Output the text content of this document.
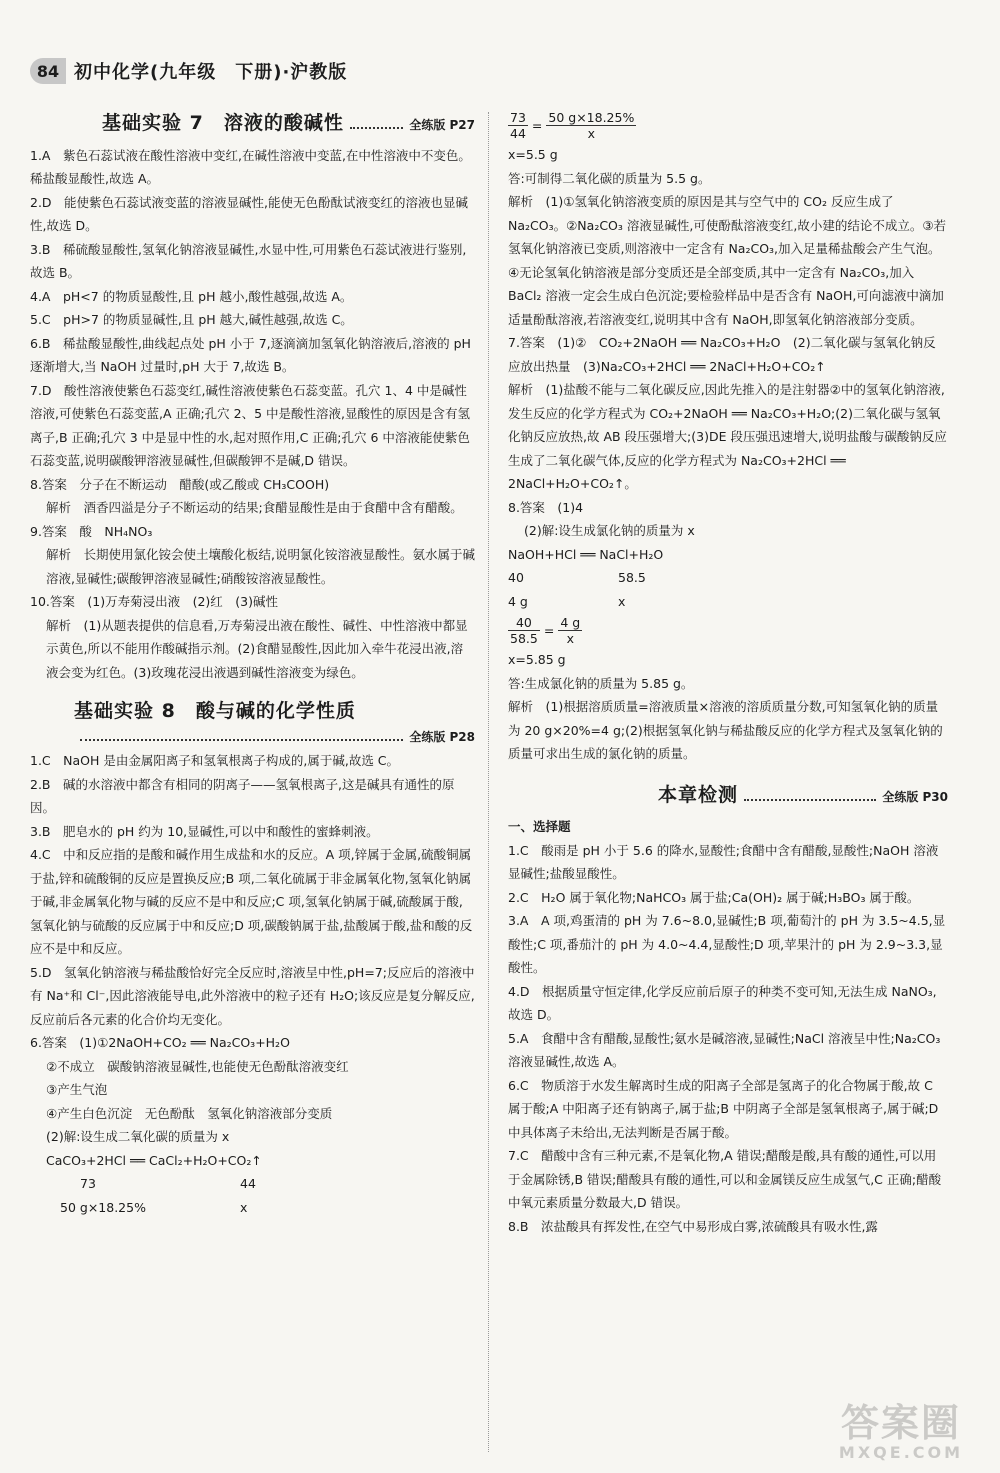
84 初中化学(九年级　下册)·沪教版
基础实验 7　溶液的酸碱性	全练版 P27

1.A　紫色石蕊试液在酸性溶液中变红,在碱性溶液中变蓝,在中性溶液中不变色。稀盐酸显酸性,故选 A。

2.D　能使紫色石蕊试液变蓝的溶液显碱性,能使无色酚酞试液变红的溶液也显碱性,故选 D。

3.B　稀硫酸显酸性,氢氧化钠溶液显碱性,水显中性,可用紫色石蕊试液进行鉴别,故选 B。

4.A　pH<7 的物质显酸性,且 pH 越小,酸性越强,故选 A。

5.C　pH>7 的物质显碱性,且 pH 越大,碱性越强,故选 C。

6.B　稀盐酸显酸性,曲线起点处 pH 小于 7,逐滴滴加氢氧化钠溶液后,溶液的 pH 逐渐增大,当 NaOH 过量时,pH 大于 7,故选 B。

7.D　酸性溶液使紫色石蕊变红,碱性溶液使紫色石蕊变蓝。孔穴 1、4 中是碱性溶液,可使紫色石蕊变蓝,A 正确;孔穴 2、5 中是酸性溶液,显酸性的原因是含有氢离子,B 正确;孔穴 3 中是显中性的水,起对照作用,C 正确;孔穴 6 中溶液能使紫色石蕊变蓝,说明碳酸钾溶液显碱性,但碳酸钾不是碱,D 错误。

8.答案　分子在不断运动　醋酸(或乙酸或 CH₃COOH)

解析　酒香四溢是分子不断运动的结果;食醋显酸性是由于食醋中含有醋酸。

9.答案　酸　NH₄NO₃

解析　长期使用氯化铵会使土壤酸化板结,说明氯化铵溶液显酸性。氨水属于碱溶液,显碱性;碳酸钾溶液显碱性;硝酸铵溶液显酸性。

10.答案　(1)万寿菊浸出液　(2)红　(3)碱性

解析　(1)从题表提供的信息看,万寿菊浸出液在酸性、碱性、中性溶液中都显示黄色,所以不能用作酸碱指示剂。(2)食醋显酸性,因此加入牵牛花浸出液,溶液会变为红色。(3)玫瑰花浸出液遇到碱性溶液变为绿色。

基础实验 8　酸与碱的化学性质
全练版 P28

1.C　NaOH 是由金属阳离子和氢氧根离子构成的,属于碱,故选 C。

2.B　碱的水溶液中都含有相同的阴离子——氢氧根离子,这是碱具有通性的原因。

3.B　肥皂水的 pH 约为 10,显碱性,可以中和酸性的蜜蜂刺液。

4.C　中和反应指的是酸和碱作用生成盐和水的反应。A 项,锌属于金属,硫酸铜属于盐,锌和硫酸铜的反应是置换反应;B 项,二氧化硫属于非金属氧化物,氢氧化钠属于碱,非金属氧化物与碱的反应不是中和反应;C 项,氢氧化钠属于碱,硫酸属于酸,氢氧化钠与硫酸的反应属于中和反应;D 项,碳酸钠属于盐,盐酸属于酸,盐和酸的反应不是中和反应。

5.D　氢氧化钠溶液与稀盐酸恰好完全反应时,溶液呈中性,pH=7;反应后的溶液中有 Na⁺和 Cl⁻,因此溶液能导电,此外溶液中的粒子还有 H₂O;该反应是复分解反应,反应前后各元素的化合价均无变化。

6.答案　(1)①2NaOH+CO₂ ══ Na₂CO₃+H₂O

②不成立　碳酸钠溶液显碱性,也能使无色酚酞溶液变红

③产生气泡

④产生白色沉淀　无色酚酞　氢氧化钠溶液部分变质

(2)解:设生成二氧化碳的质量为 x

CaCO₃+2HCl ══ CaCl₂+H₂O+CO₂↑

73	44
50 g×18.25%	x
$\frac{73}{44} = \frac{50 g\times 18.25\%}{x}$

x=5.5 g

答:可制得二氧化碳的质量为 5.5 g。

解析　(1)①氢氧化钠溶液变质的原因是其与空气中的 CO₂ 反应生成了 Na₂CO₃。②Na₂CO₃ 溶液显碱性,可使酚酞溶液变红,故小建的结论不成立。③若氢氧化钠溶液已变质,则溶液中一定含有 Na₂CO₃,加入足量稀盐酸会产生气泡。④无论氢氧化钠溶液是部分变质还是全部变质,其中一定含有 Na₂CO₃,加入 BaCl₂ 溶液一定会生成白色沉淀;要检验样品中是否含有 NaOH,可向滤液中滴加适量酚酞溶液,若溶液变红,说明其中含有 NaOH,即氢氧化钠溶液部分变质。

7.答案　(1)②　CO₂+2NaOH ══ Na₂CO₃+H₂O　(2)二氧化碳与氢氧化钠反应放出热量　(3)Na₂CO₃+2HCl ══ 2NaCl+H₂O+CO₂↑

解析　(1)盐酸不能与二氧化碳反应,因此先推入的是注射器②中的氢氧化钠溶液,发生反应的化学方程式为 CO₂+2NaOH ══ Na₂CO₃+H₂O;(2)二氧化碳与氢氧化钠反应放热,故 AB 段压强增大;(3)DE 段压强迅速增大,说明盐酸与碳酸钠反应生成了二氧化碳气体,反应的化学方程式为 Na₂CO₃+2HCl ══ 2NaCl+H₂O+CO₂↑。

8.答案　(1)4

(2)解:设生成氯化钠的质量为 x

NaOH+HCl ══ NaCl+H₂O

40	58.5
4 g	x
$\frac{40}{58.5} = \frac{4 g}{x}$

x=5.85 g

答:生成氯化钠的质量为 5.85 g。

解析　(1)根据溶质质量=溶液质量×溶液的溶质质量分数,可知氢氧化钠的质量为 20 g×20%=4 g;(2)根据氢氧化钠与稀盐酸反应的化学方程式及氢氧化钠的质量可求出生成的氯化钠的质量。

本章检测	全练版 P30

一、选择题

1.C　酸雨是 pH 小于 5.6 的降水,显酸性;食醋中含有醋酸,显酸性;NaOH 溶液显碱性;盐酸显酸性。

2.C　H₂O 属于氧化物;NaHCO₃ 属于盐;Ca(OH)₂ 属于碱;H₃BO₃ 属于酸。

3.A　A 项,鸡蛋清的 pH 为 7.6~8.0,显碱性;B 项,葡萄汁的 pH 为 3.5~4.5,显酸性;C 项,番茄汁的 pH 为 4.0~4.4,显酸性;D 项,苹果汁的 pH 为 2.9~3.3,显酸性。

4.D　根据质量守恒定律,化学反应前后原子的种类不变可知,无法生成 NaNO₃,故选 D。

5.A　食醋中含有醋酸,显酸性;氨水是碱溶液,显碱性;NaCl 溶液呈中性;Na₂CO₃ 溶液显碱性,故选 A。

6.C　物质溶于水发生解离时生成的阳离子全部是氢离子的化合物属于酸,故 C 属于酸;A 中阳离子还有钠离子,属于盐;B 中阴离子全部是氢氧根离子,属于碱;D 中具体离子未给出,无法判断是否属于酸。

7.C　醋酸中含有三种元素,不是氧化物,A 错误;醋酸是酸,具有酸的通性,可以用于金属除锈,B 错误;醋酸具有酸的通性,可以和金属镁反应生成氢气,C 正确;醋酸中氧元素质量分数最大,D 错误。

8.B　浓盐酸具有挥发性,在空气中易形成白雾,浓硫酸具有吸水性,露

答案圈
MXQE.COM
